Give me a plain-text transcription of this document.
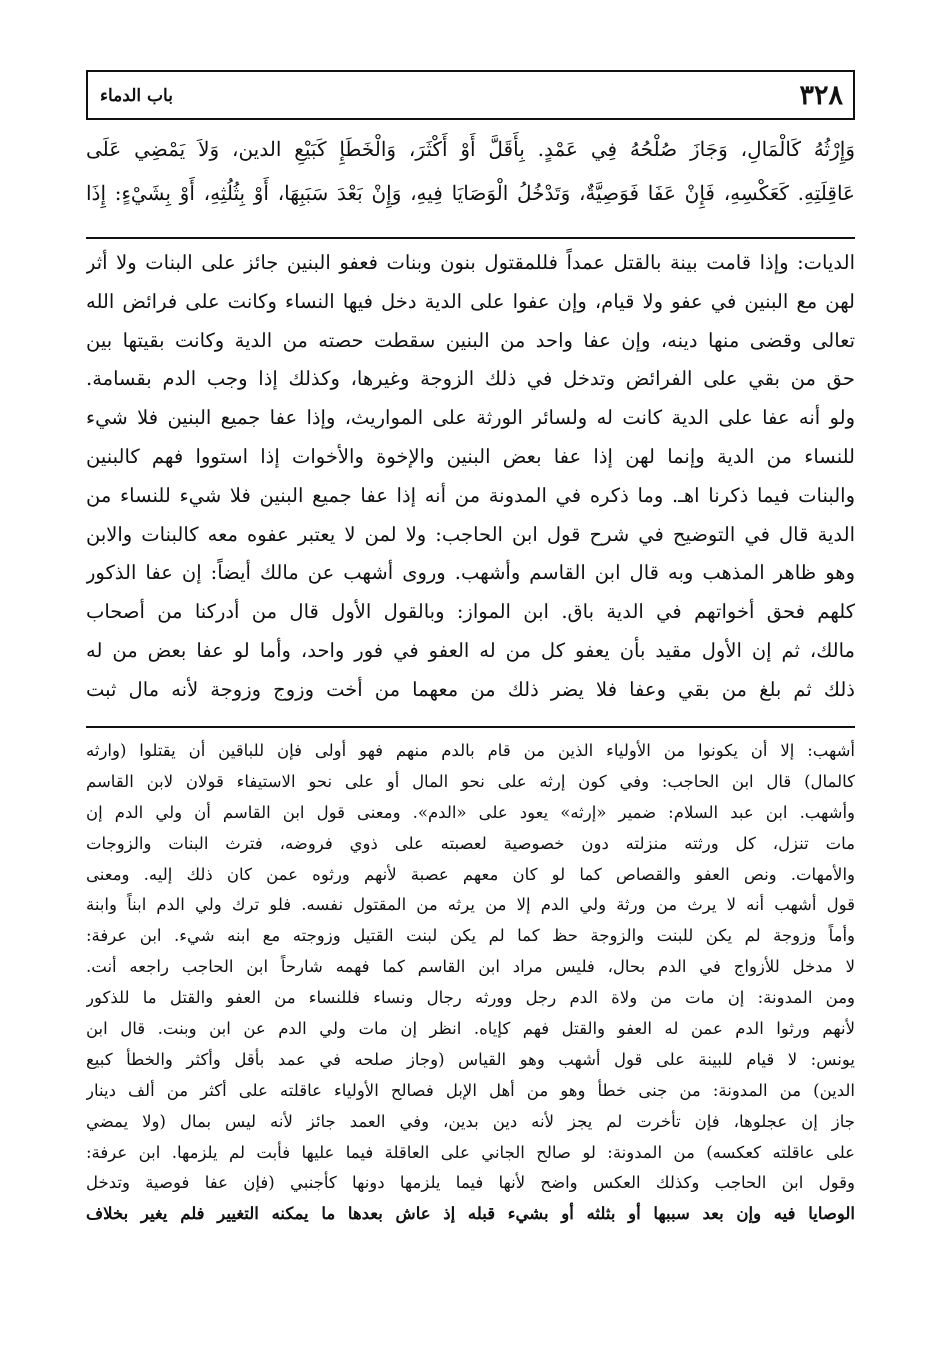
٣٢٨
باب الدماء
وَإِرْثُهُ كَالْمَالِ، وَجَازَ صُلْحُهُ فِي عَمْدٍ. بِأَقَلَّ أَوْ أَكْثَرَ، وَالْخَطَإِ كَبَيْعِ الدين، وَلاَ يَمْضِي عَلَى
عَاقِلَتِهِ. كَعَكْسِهِ، فَإِنْ عَفَا فَوَصِيَّةٌ، وَتَدْخُلُ الْوَصَايَا فِيهِ، وَإِنْ بَعْدَ سَبَبِهَا، أَوْ بِثُلُثِهِ، أَوْ بِشَيْءٍ: إِذَا
الديات: وإذا قامت بينة بالقتل عمداً فللمقتول بنون وبنات فعفو البنين جائز على البنات ولا أثر
لهن مع البنين في عفو ولا قيام، وإن عفوا على الدية دخل فيها النساء وكانت على فرائض الله
تعالى وقضى منها دينه، وإن عفا واحد من البنين سقطت حصته من الدية وكانت بقيتها بين
حق من بقي على الفرائض وتدخل في ذلك الزوجة وغيرها، وكذلك إذا وجب الدم بقسامة.
ولو أنه عفا على الدية كانت له ولسائر الورثة على المواريث، وإذا عفا جميع البنين فلا شيء
للنساء من الدية وإنما لهن إذا عفا بعض البنين والإخوة والأخوات إذا استووا فهم كالبنين
والبنات فيما ذكرنا اهـ. وما ذكره في المدونة من أنه إذا عفا جميع البنين فلا شيء للنساء من
الدية قال في التوضيح في شرح قول ابن الحاجب: ولا لمن لا يعتبر عفوه معه كالبنات والابن
وهو ظاهر المذهب وبه قال ابن القاسم وأشهب. وروى أشهب عن مالك أيضاً: إن عفا الذكور
كلهم فحق أخواتهم في الدية باق. ابن المواز: وبالقول الأول قال من أدركنا من أصحاب
مالك، ثم إن الأول مقيد بأن يعفو كل من له العفو في فور واحد، وأما لو عفا بعض من له
ذلك ثم بلغ من بقي وعفا فلا يضر ذلك من معهما من أخت وزوج وزوجة لأنه مال ثبت
أشهب: إلا أن يكونوا من الأولياء الذين من قام بالدم منهم فهو أولى فإن للباقين أن يقتلوا (وارثه
كالمال) قال ابن الحاجب: وفي كون إرثه على نحو المال أو على نحو الاستيفاء قولان لابن القاسم
وأشهب. ابن عبد السلام: ضمير «إرثه» يعود على «الدم». ومعنى قول ابن القاسم أن ولي الدم إن
مات تنزل، كل ورثته منزلته دون خصوصية لعصبته على ذوي فروضه، فترث البنات والزوجات
والأمهات. ونص العفو والقصاص كما لو كان معهم عصبة لأنهم ورثوه عمن كان ذلك إليه. ومعنى
قول أشهب أنه لا يرث من ورثة ولي الدم إلا من يرثه من المقتول نفسه. فلو ترك ولي الدم ابناً وابنة
وأماً وزوجة لم يكن للبنت والزوجة حظ كما لم يكن لبنت القتيل وزوجته مع ابنه شيء. ابن عرفة:
لا مدخل للأزواج في الدم بحال، فليس مراد ابن القاسم كما فهمه شارحاً ابن الحاجب راجعه أنت.
ومن المدونة: إن مات من ولاة الدم رجل وورثه رجال ونساء فللنساء من العفو والقتل ما للذكور
لأنهم ورثوا الدم عمن له العفو والقتل فهم كإياه. انظر إن مات ولي الدم عن ابن وبنت. قال ابن
يونس: لا قيام للبينة على قول أشهب وهو القياس (وجاز صلحه في عمد بأقل وأكثر والخطأ كبيع
الدين) من المدونة: من جنى خطأ وهو من أهل الإبل فصالح الأولياء عاقلته على أكثر من ألف دينار
جاز إن عجلوها، فإن تأخرت لم يجز لأنه دين بدين، وفي العمد جائز لأنه ليس بمال (ولا يمضي
على عاقلته كعكسه) من المدونة: لو صالح الجاني على العاقلة فيما عليها فأبت لم يلزمها. ابن عرفة:
وقول ابن الحاجب وكذلك العكس واضح لأنها فيما يلزمها دونها كأجنبي (فإن عفا فوصية وتدخل
الوصايا فيه وإن بعد سببها أو بثلثه أو بشيء قبله إذ عاش بعدها ما يمكنه التغيير فلم يغير بخلاف
